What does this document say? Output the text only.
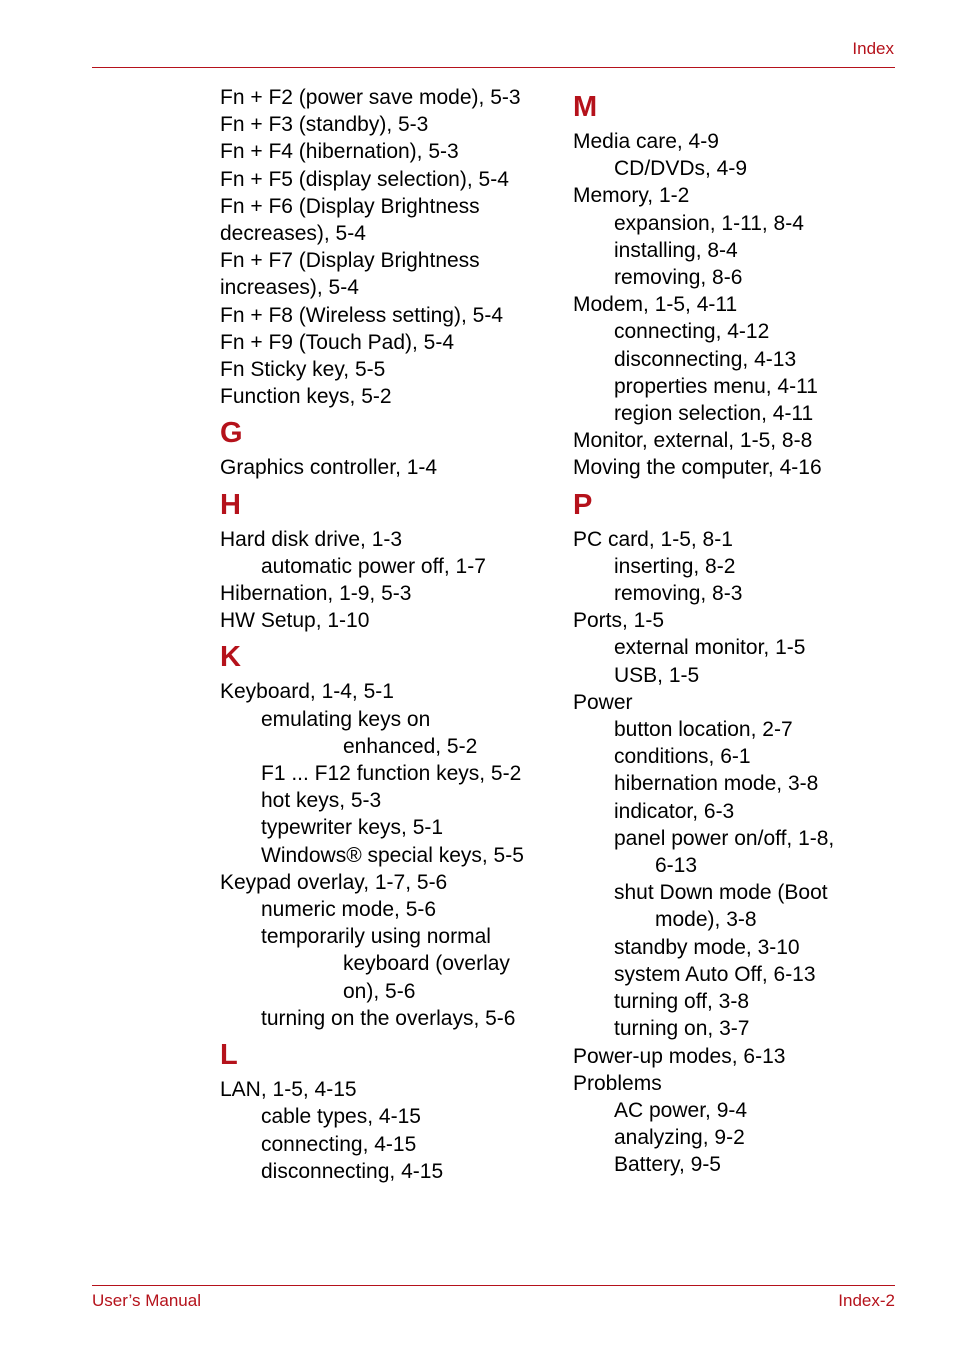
Index
Fn + F2 (power save mode), 5-3
Fn + F3 (standby), 5-3
Fn + F4 (hibernation), 5-3
Fn + F5 (display selection), 5-4
Fn + F6 (Display Brightness
decreases), 5-4
Fn + F7 (Display Brightness
increases), 5-4
Fn + F8 (Wireless setting), 5-4
Fn + F9 (Touch Pad), 5-4
Fn Sticky key, 5-5
Function keys, 5-2
G
Graphics controller, 1-4
H
Hard disk drive, 1-3
automatic power off, 1-7
Hibernation, 1-9, 5-3
HW Setup, 1-10
K
Keyboard, 1-4, 5-1
emulating keys on
enhanced, 5-2
F1 ... F12 function keys, 5-2
hot keys, 5-3
typewriter keys, 5-1
Windows® special keys, 5-5
Keypad overlay, 1-7, 5-6
numeric mode, 5-6
temporarily using normal
keyboard (overlay
on), 5-6
turning on the overlays, 5-6
L
LAN, 1-5, 4-15
cable types, 4-15
connecting, 4-15
disconnecting, 4-15
M
Media care, 4-9
CD/DVDs, 4-9
Memory, 1-2
expansion, 1-11, 8-4
installing, 8-4
removing, 8-6
Modem, 1-5, 4-11
connecting, 4-12
disconnecting, 4-13
properties menu, 4-11
region selection, 4-11
Monitor, external, 1-5, 8-8
Moving the computer, 4-16
P
PC card, 1-5, 8-1
inserting, 8-2
removing, 8-3
Ports, 1-5
external monitor, 1-5
USB, 1-5
Power
button location, 2-7
conditions, 6-1
hibernation mode, 3-8
indicator, 6-3
panel power on/off, 1-8,
6-13
shut Down mode (Boot
mode), 3-8
standby mode, 3-10
system Auto Off, 6-13
turning off, 3-8
turning on, 3-7
Power-up modes, 6-13
Problems
AC power, 9-4
analyzing, 9-2
Battery, 9-5
User’s Manual	Index-2
